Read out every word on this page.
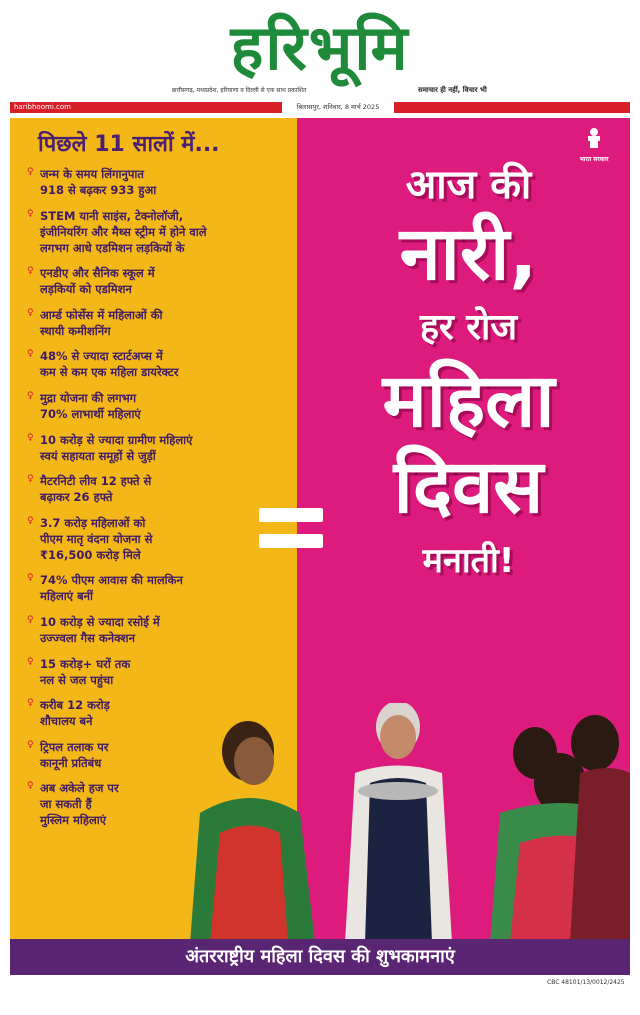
हरिभूमि
छत्तीसगढ़, मध्यप्रदेश, हरियाणा व दिल्ली से एक साथ प्रकाशित	समाचार ही नहीं, विचार भी
haribhoomi.com	बिलासपुर, शनिवार, 8 मार्च 2025
पिछले 11 सालों में...
♀ जन्म के समय लिंगानुपात
918 से बढ़कर 933 हुआ
♀ STEM यानी साइंस, टेक्नोलॉजी,
इंजीनियरिंग और मैथ्स स्ट्रीम में होने वाले
लगभग आधे एडमिशन लड़कियों के
♀ एनडीए और सैनिक स्कूल में
लड़कियों को एडमिशन
♀ आर्म्ड फोर्सेस में महिलाओं की
स्थायी कमीशनिंग
♀ 48% से ज्यादा स्टार्टअप्स में
कम से कम एक महिला डायरेक्टर
♀ मुद्रा योजना की लगभग
70% लाभार्थी महिलाएं
♀ 10 करोड़ से ज्यादा ग्रामीण महिलाएं
स्वयं सहायता समूहों से जुड़ीं
♀ मैटरनिटी लीव 12 हफ्ते से
बढ़ाकर 26 हफ्ते
♀ 3.7 करोड़ महिलाओं को
पीएम मातृ वंदना योजना से
₹16,500 करोड़ मिले
♀ 74% पीएम आवास की मालकिन
महिलाएं बनीं
♀ 10 करोड़ से ज्यादा रसोई में
उज्ज्वला गैस कनेक्शन
♀ 15 करोड़+ घरों तक
नल से जल पहुंचा
♀ करीब 12 करोड़
शौचालय बने
♀ ट्रिपल तलाक पर
कानूनी प्रतिबंध
♀ अब अकेले हज पर
जा सकती हैं
मुस्लिम महिलाएं
भारत सरकार
आज की
नारी,
हर रोज
महिला
दिवस
मनाती!
अंतरराष्ट्रीय महिला दिवस की शुभकामनाएं
CBC 48101/13/0012/2425
